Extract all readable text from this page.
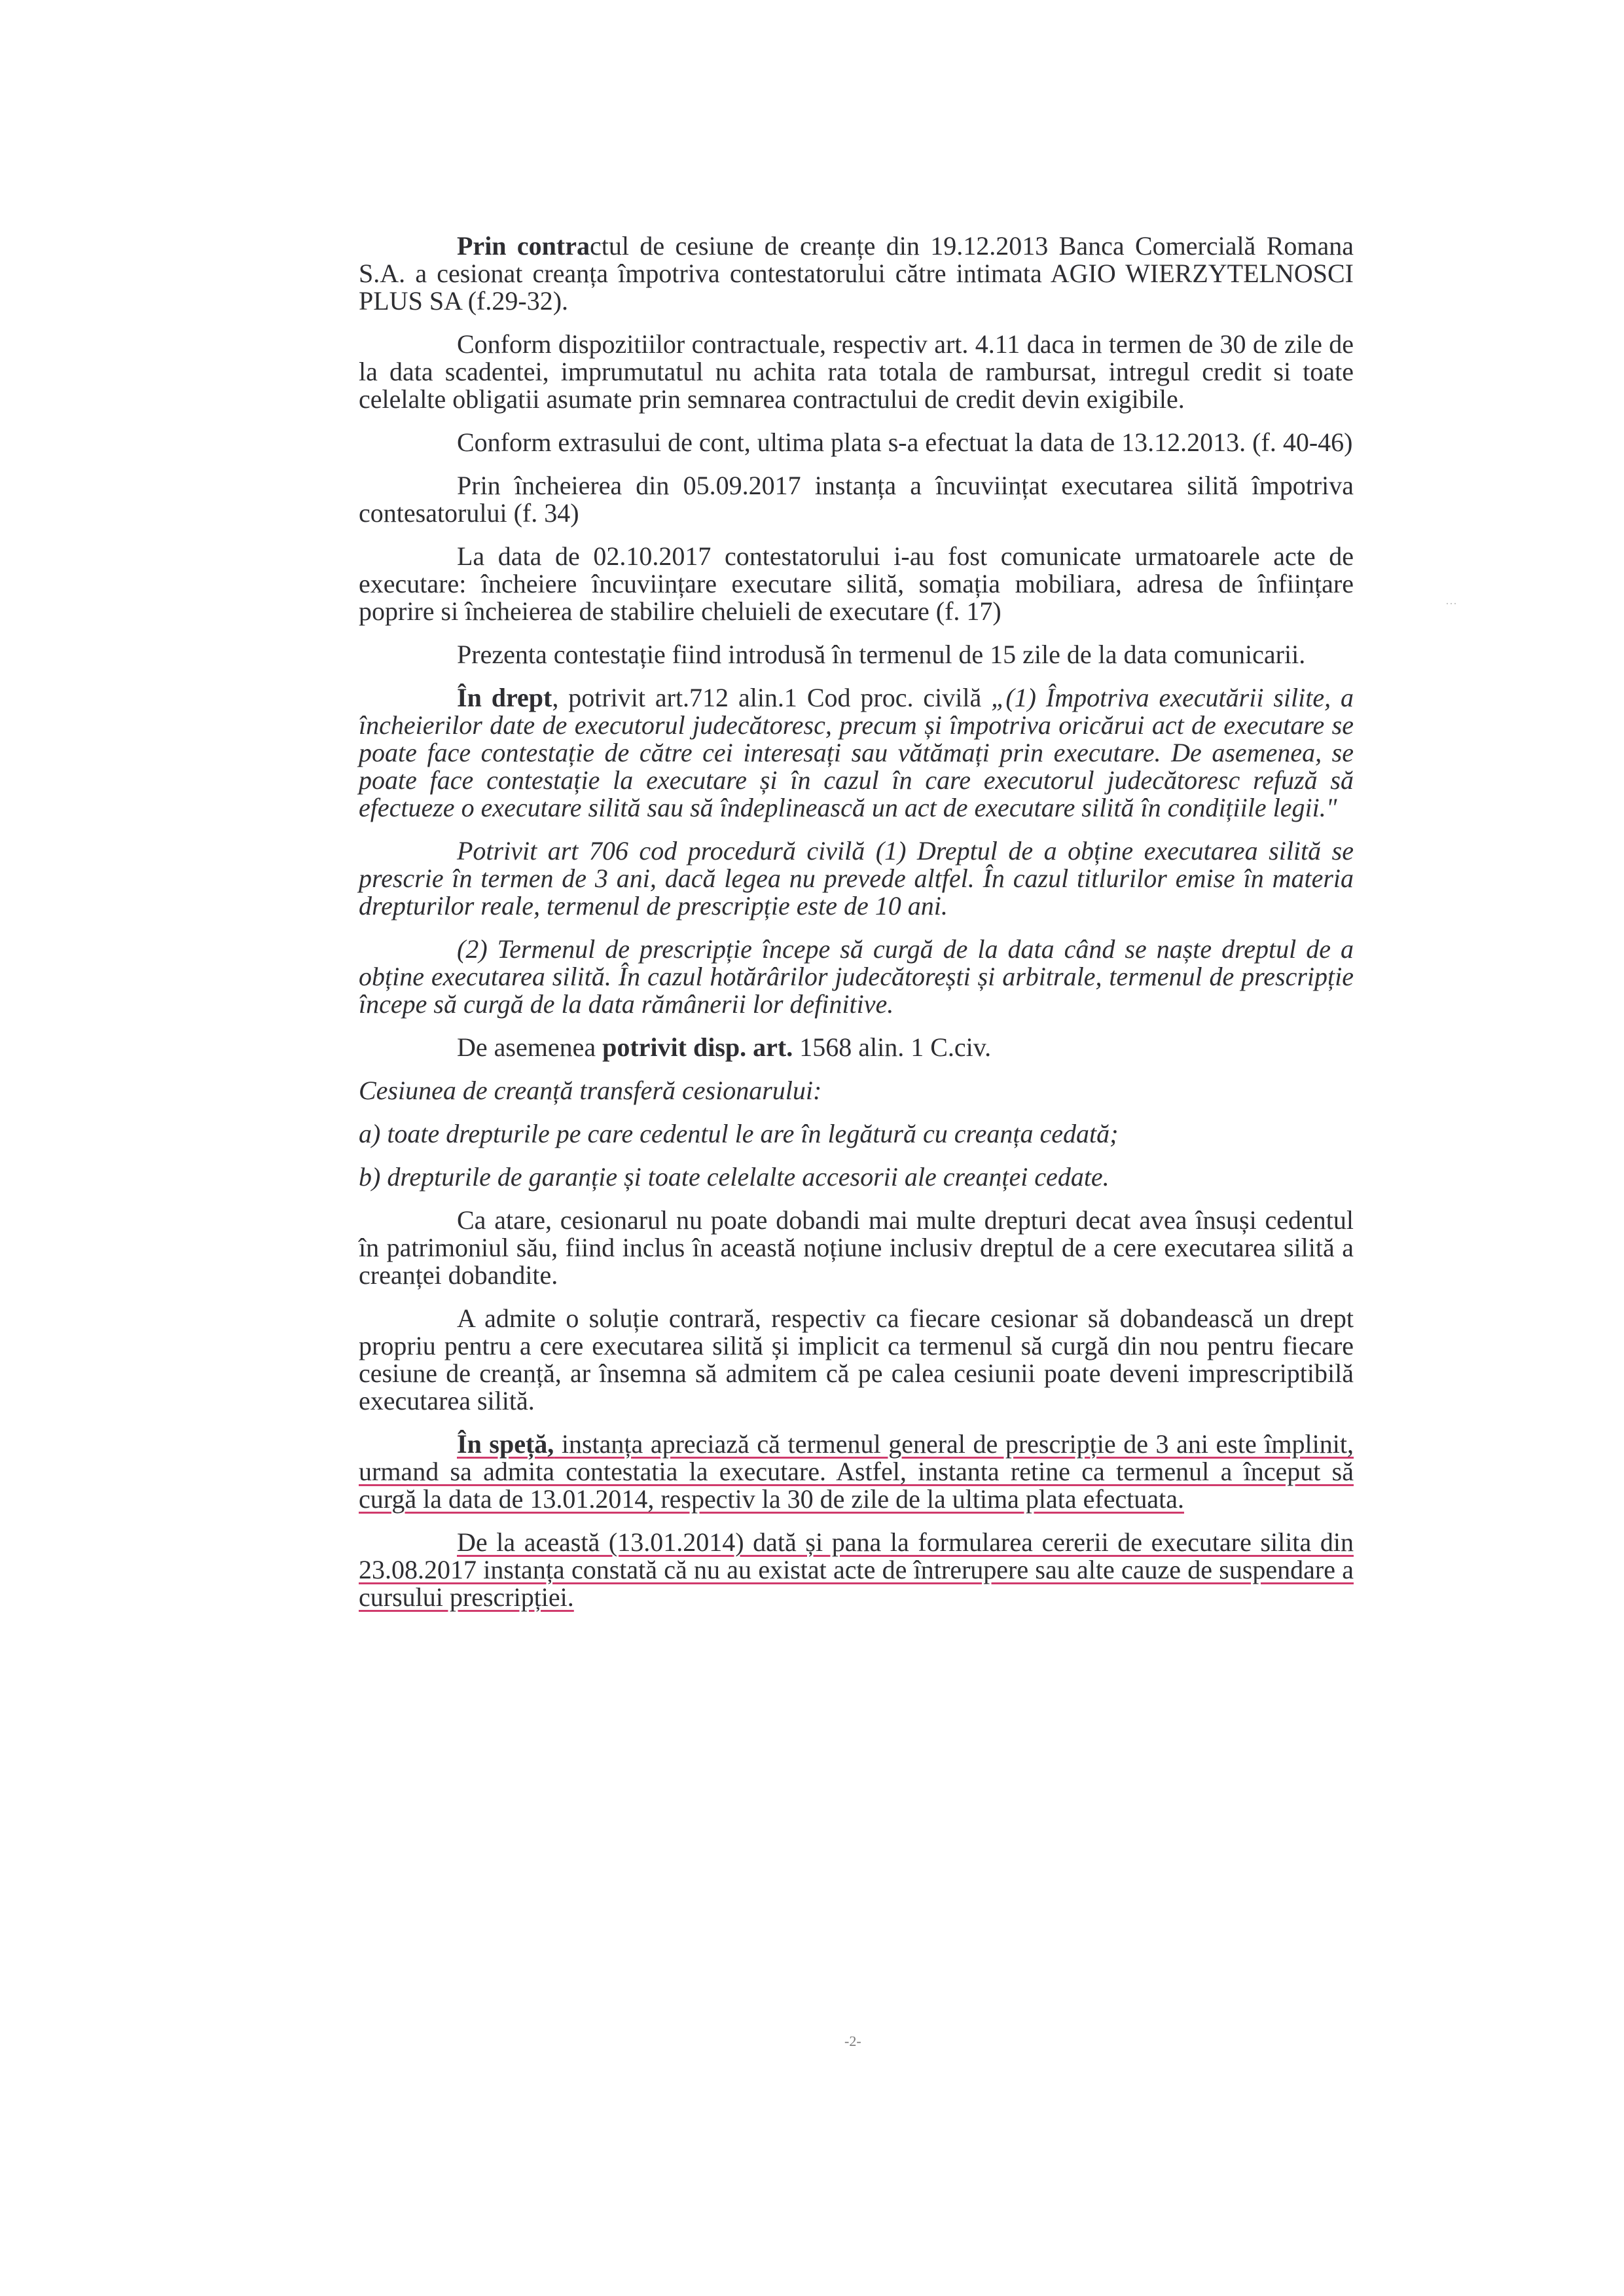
Prin contractul de cesiune de creanțe din 19.12.2013 Banca Comercială Romana S.A. a cesionat creanța împotriva contestatorului către intimata AGIO WIERZYTELNOSCI PLUS SA (f.29-32).

Conform dispozitiilor contractuale, respectiv art. 4.11 daca in termen de 30 de zile de la data scadentei, imprumutatul nu achita rata totala de rambursat, intregul credit si toate celelalte obligatii asumate prin semnarea contractului de credit devin exigibile.

Conform extrasului de cont, ultima plata s-a efectuat la data de 13.12.2013. (f. 40-46)

Prin încheierea din 05.09.2017 instanța a încuviințat executarea silită împotriva contesatorului (f. 34)

La data de 02.10.2017 contestatorului i-au fost comunicate urmatoarele acte de executare: încheiere încuviințare executare silită, somația mobiliara, adresa de înființare poprire si încheierea de stabilire cheluieli de executare (f. 17)

Prezenta contestație fiind introdusă în termenul de 15 zile de la data comunicarii.

În drept, potrivit art.712 alin.1 Cod proc. civilă „(1) Împotriva executării silite, a încheierilor date de executorul judecătoresc, precum și împotriva oricărui act de executare se poate face contestație de către cei interesați sau vătămați prin executare. De asemenea, se poate face contestație la executare și în cazul în care executorul judecătoresc refuză să efectueze o executare silită sau să îndeplinească un act de executare silită în condițiile legii."

Potrivit art 706 cod procedură civilă (1) Dreptul de a obține executarea silită se prescrie în termen de 3 ani, dacă legea nu prevede altfel. În cazul titlurilor emise în materia drepturilor reale, termenul de prescripție este de 10 ani.

(2) Termenul de prescripție începe să curgă de la data când se naște dreptul de a obține executarea silită. În cazul hotărârilor judecătorești și arbitrale, termenul de prescripție începe să curgă de la data rămânerii lor definitive.

De asemenea potrivit disp. art. 1568 alin. 1 C.civ.

Cesiunea de creanță transferă cesionarului:

a) toate drepturile pe care cedentul le are în legătură cu creanța cedată;

b) drepturile de garanție și toate celelalte accesorii ale creanței cedate.

Ca atare, cesionarul nu poate dobandi mai multe drepturi decat avea însuși cedentul în patrimoniul său, fiind inclus în această noțiune inclusiv dreptul de a cere executarea silită a creanței dobandite.

A admite o soluție contrară, respectiv ca fiecare cesionar să dobandească un drept propriu pentru a cere executarea silită și implicit ca termenul să curgă din nou pentru fiecare cesiune de creanță, ar însemna să admitem că pe calea cesiunii poate deveni imprescriptibilă executarea silită.

În speță, instanța apreciază că termenul general de prescripție de 3 ani este împlinit, urmand sa admita contestatia la executare. Astfel, instanta retine ca termenul a început să curgă la data de 13.01.2014, respectiv la 30 de zile de la ultima plata efectuata.

De la această (13.01.2014) dată și pana la formularea cererii de executare silita din 23.08.2017 instanța constată că nu au existat acte de întrerupere sau alte cauze de suspendare a cursului prescripției.

-2-
···
